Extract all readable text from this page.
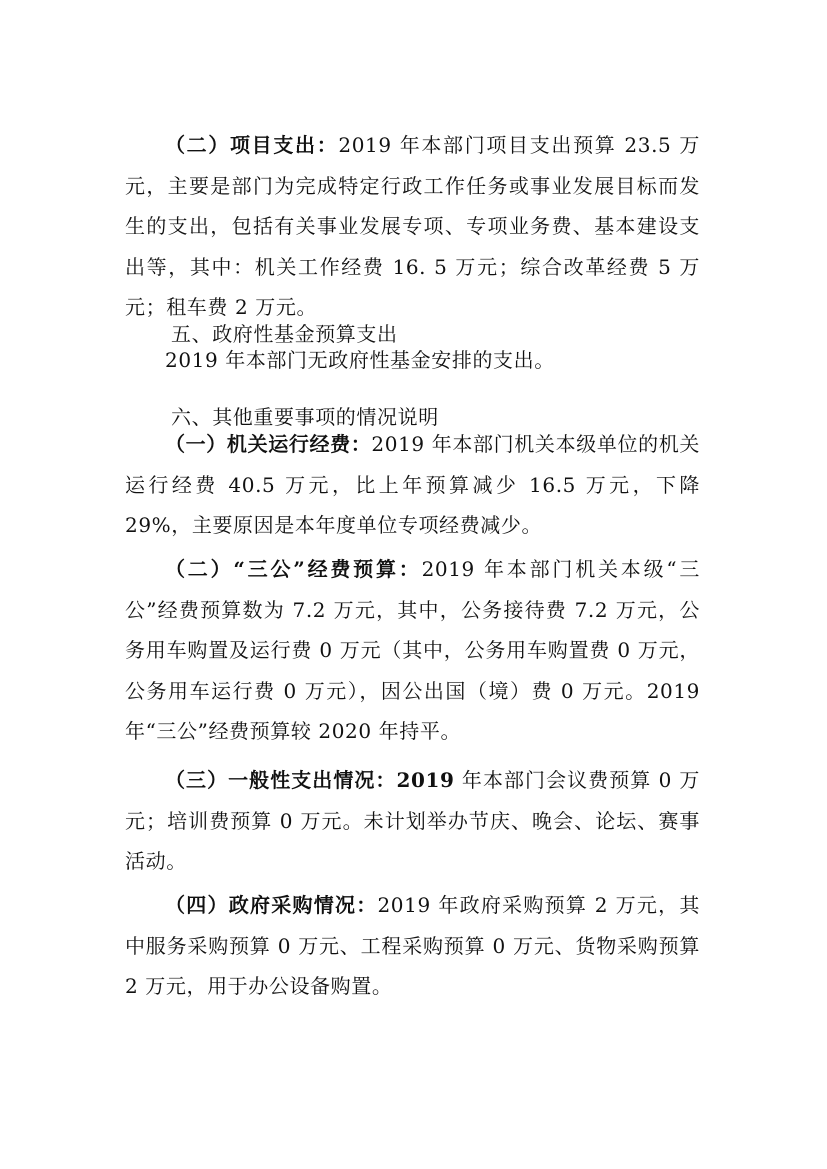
（二）项目支出：2019 年本部门项目支出预算 23.5 万元，主要是部门为完成特定行政工作任务或事业发展目标而发生的支出，包括有关事业发展专项、专项业务费、基本建设支出等，其中：机关工作经费 16. 5 万元；综合改革经费 5 万元；租车费 2 万元。

五、政府性基金预算支出

2019 年本部门无政府性基金安排的支出。

六、其他重要事项的情况说明

（一）机关运行经费：2019 年本部门机关本级单位的机关运行经费 40.5 万元，比上年预算减少 16.5 万元，下降 29%，主要原因是本年度单位专项经费减少。

（二）“三公”经费预算：2019 年本部门机关本级“三公”经费预算数为 7.2 万元，其中，公务接待费 7.2 万元，公务用车购置及运行费 0 万元（其中，公务用车购置费 0 万元，公务用车运行费 0 万元），因公出国（境）费 0 万元。2019 年“三公”经费预算较 2020 年持平。

（三）一般性支出情况：2019 年本部门会议费预算 0 万元；培训费预算 0 万元。未计划举办节庆、晚会、论坛、赛事活动。

（四）政府采购情况：2019 年政府采购预算 2 万元，其中服务采购预算 0 万元、工程采购预算 0 万元、货物采购预算 2 万元，用于办公设备购置。
